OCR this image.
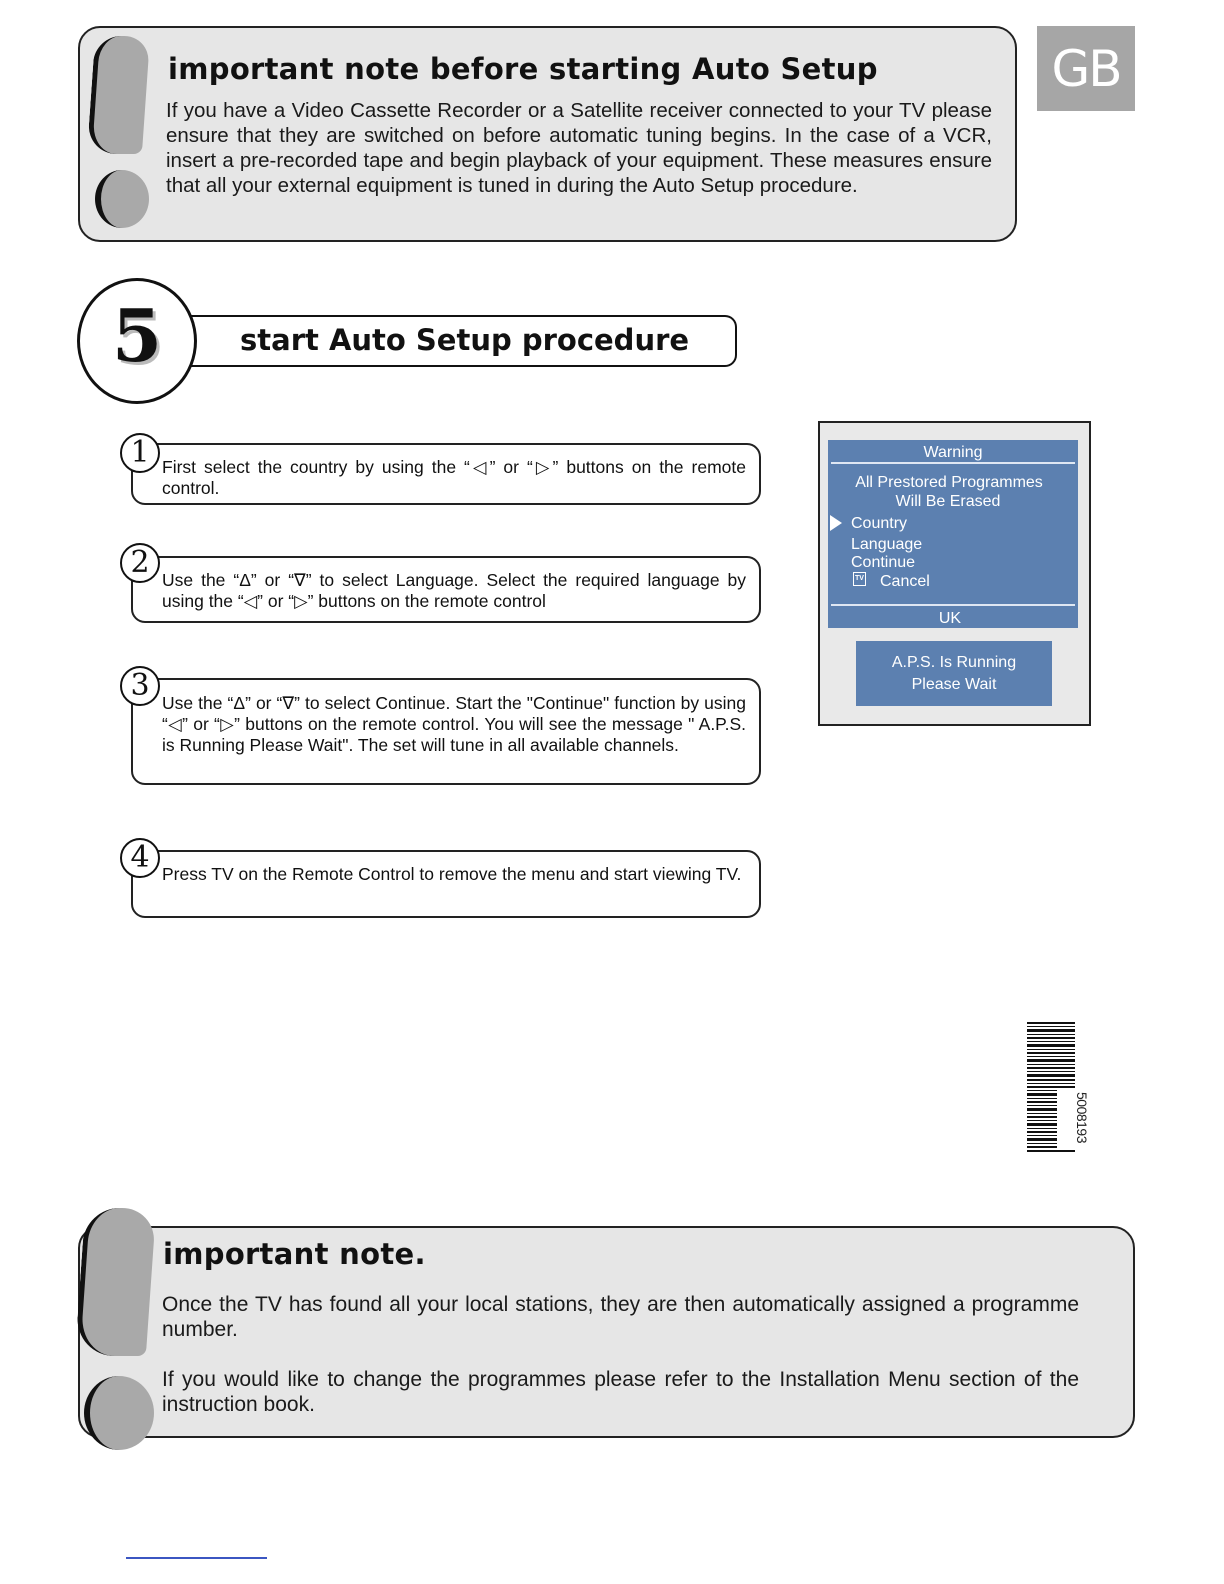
important note before starting Auto Setup
If you have a Video Cassette Recorder or a Satellite receiver connected to your TV please ensure that they are switched on before automatic tuning begins. In the case of a VCR, insert a pre-recorded tape and begin playback of your equipment. These measures ensure that all your external equipment is tuned in during the Auto Setup procedure.
GB
5	start Auto Setup procedure
1 First select the country by using the “◁” or “▷” buttons on the remote control.
2 Use the “Δ” or “∇” to select Language. Select the required language by using the “◁” or “▷” buttons on the remote control
3 Use the “Δ” or “∇” to select Continue. Start the "Continue" function by using “◁” or “▷” buttons on the remote control. You will see the message " A.P.S. is Running Please Wait". The set will tune in all available channels.
4 Press TV on the Remote Control to remove the menu and start viewing TV.
Warning
All Prestored Programmes
Will Be Erased
Country
Language
Continue
TV Cancel
UK
A.P.S. Is Running
Please Wait
5008193
important note.

Once the TV has found all your local stations, they are then automatically assigned a programme number.

If you would like to change the programmes please refer to the Installation Menu section of the instruction book.
